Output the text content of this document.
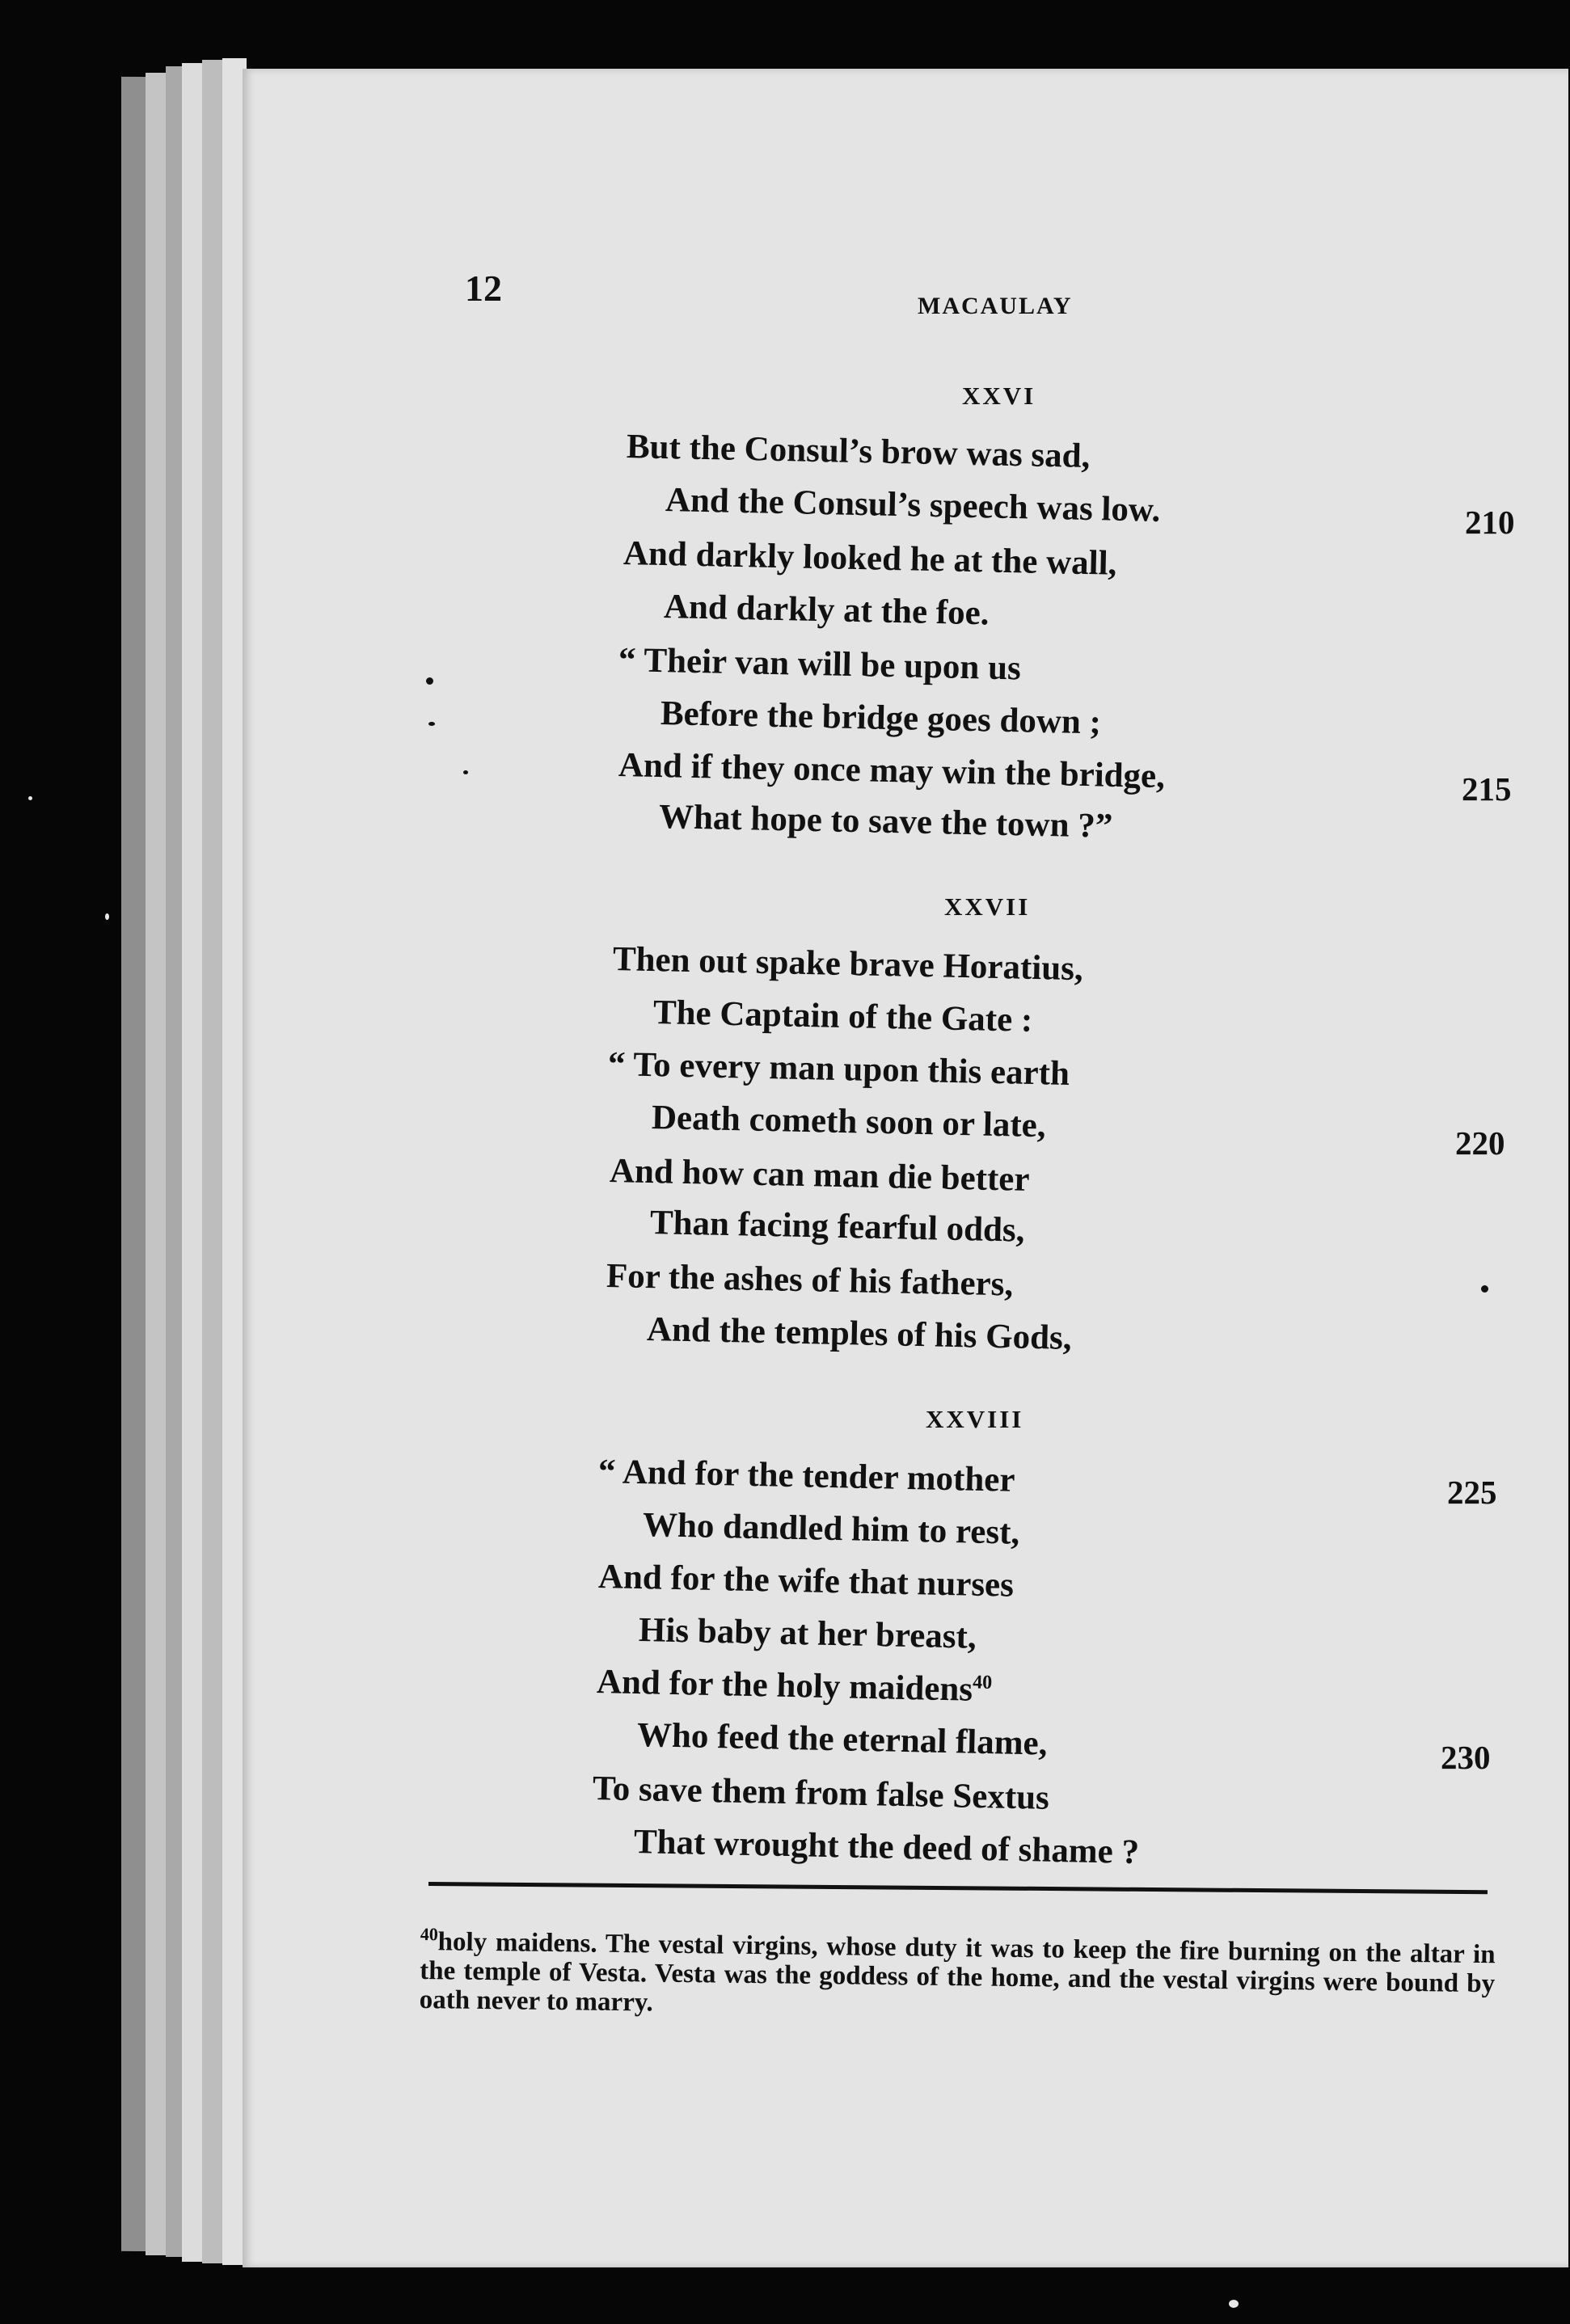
12	MACAULAY
XXVI
But the Consul’s brow was sad,
And the Consul’s speech was low.
And darkly looked he at the wall,
And darkly at the foe.
“ Their van will be upon us
Before the bridge goes down ;
And if they once may win the bridge,
What hope to save the town ?”
XXVII
Then out spake brave Horatius,
The Captain of the Gate :
“ To every man upon this earth
Death cometh soon or late,
And how can man die better
Than facing fearful odds,
For the ashes of his fathers,
And the temples of his Gods,
XXVIII
“ And for the tender mother
Who dandled him to rest,
And for the wife that nurses
His baby at her breast,
And for the holy maidens$^{40}$
Who feed the eternal flame,
To save them from false Sextus
That wrought the deed of shame ?
210
215
220
225
230
$^{40}$holy maidens. The vestal virgins, whose duty it was to keep the fire burning on the altar in the temple of Vesta. Vesta was the goddess of the home, and the vestal virgins were bound by oath never to marry.
